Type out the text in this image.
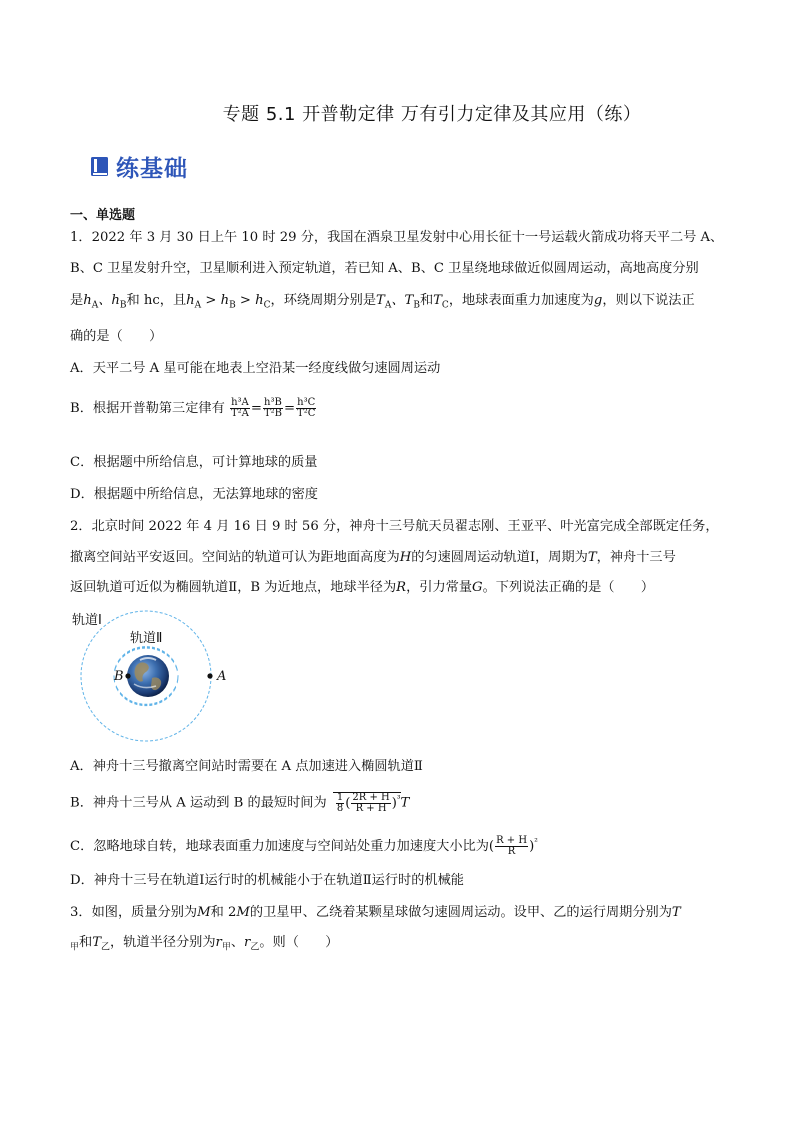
专题 5.1 开普勒定律 万有引力定律及其应用（练）
练基础
一、单选题
1．2022 年 3 月 30 日上午 10 时 29 分，我国在酒泉卫星发射中心用长征十一号运载火箭成功将天平二号 A、
B、C 卫星发射升空，卫星顺利进入预定轨道，若已知 A、B、C 卫星绕地球做近似圆周运动，高地高度分别
是$h_A$、$h_B$和 hc，且$h_A > h_B > h_C$，环绕周期分别是$T_A$、$T_B$和$T_C$，地球表面重力加速度为g，则以下说法正
确的是（　　）
A．天平二号 A 星可能在地表上空沿某一经度线做匀速圆周运动
B．根据开普勒第三定律有 $\frac{\text{h³A}}{\text{T²A}} = \frac{\text{h³B}}{\text{T²B}} = \frac{\text{h³C}}{\text{T²C}}$
C．根据题中所给信息，可计算地球的质量
D．根据题中所给信息，无法算地球的密度
2．北京时间 2022 年 4 月 16 日 9 时 56 分，神舟十三号航天员翟志刚、王亚平、叶光富完成全部既定任务，
撤离空间站平安返回。空间站的轨道可认为距地面高度为H的匀速圆周运动轨道Ⅰ，周期为T，神舟十三号
返回轨道可近似为椭圆轨道Ⅱ，B 为近地点，地球半径为R，引力常量G。下列说法正确的是（　　）
轨道Ⅰ
轨道Ⅱ
B	A
A．神舟十三号撤离空间站时需要在 A 点加速进入椭圆轨道Ⅱ
B．神舟十三号从 A 运动到 B 的最短时间为 $\frac{1}{8}$ ( $\frac{2R + H}{R + H} )^{^3}T$
C．忽略地球自转，地球表面重力加速度与空间站处重力加速度大小比为( $\frac{R + H}{R} )^{^2}$
D．神舟十三号在轨道Ⅰ运行时的机械能小于在轨道Ⅱ运行时的机械能
3．如图，质量分别为M和 2M的卫星甲、乙绕着某颗星球做匀速圆周运动。设甲、乙的运行周期分别为T
$_甲$和$T_乙$，轨道半径分别为$r_甲$、$r_乙$。则（　　）
